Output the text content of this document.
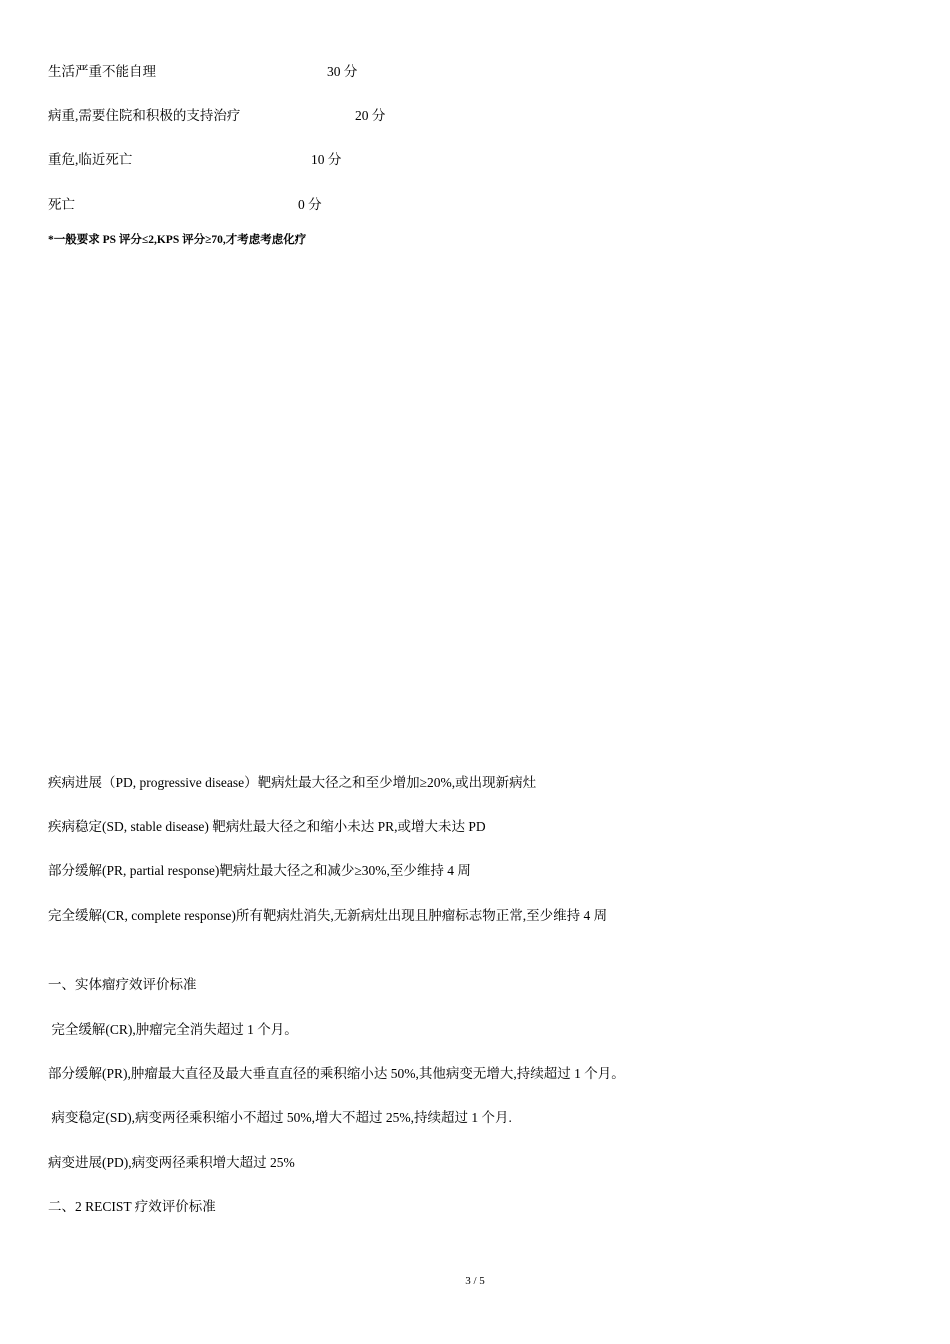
生活严重不能自理	30 分
病重,需要住院和积极的支持治疗	20 分
重危,临近死亡	10 分
死亡	0 分
*一般要求 PS 评分≤2,KPS 评分≥70,才考虑考虑化疗
疾病进展（PD, progressive disease）靶病灶最大径之和至少增加≥20%,或出现新病灶
疾病稳定(SD, stable disease) 靶病灶最大径之和缩小未达 PR,或增大未达 PD
部分缓解(PR, partial response)靶病灶最大径之和减少≥30%,至少维持 4 周
完全缓解(CR, complete response)所有靶病灶消失,无新病灶出现且肿瘤标志物正常,至少维持 4 周
一、实体瘤疗效评价标准
完全缓解(CR),肿瘤完全消失超过 1 个月。
部分缓解(PR),肿瘤最大直径及最大垂直直径的乘积缩小达 50%,其他病变无增大,持续超过 1 个月。
病变稳定(SD),病变两径乘积缩小不超过 50%,增大不超过 25%,持续超过 1 个月.
病变进展(PD),病变两径乘积增大超过 25%
二、2 RECIST 疗效评价标准
3 / 5
